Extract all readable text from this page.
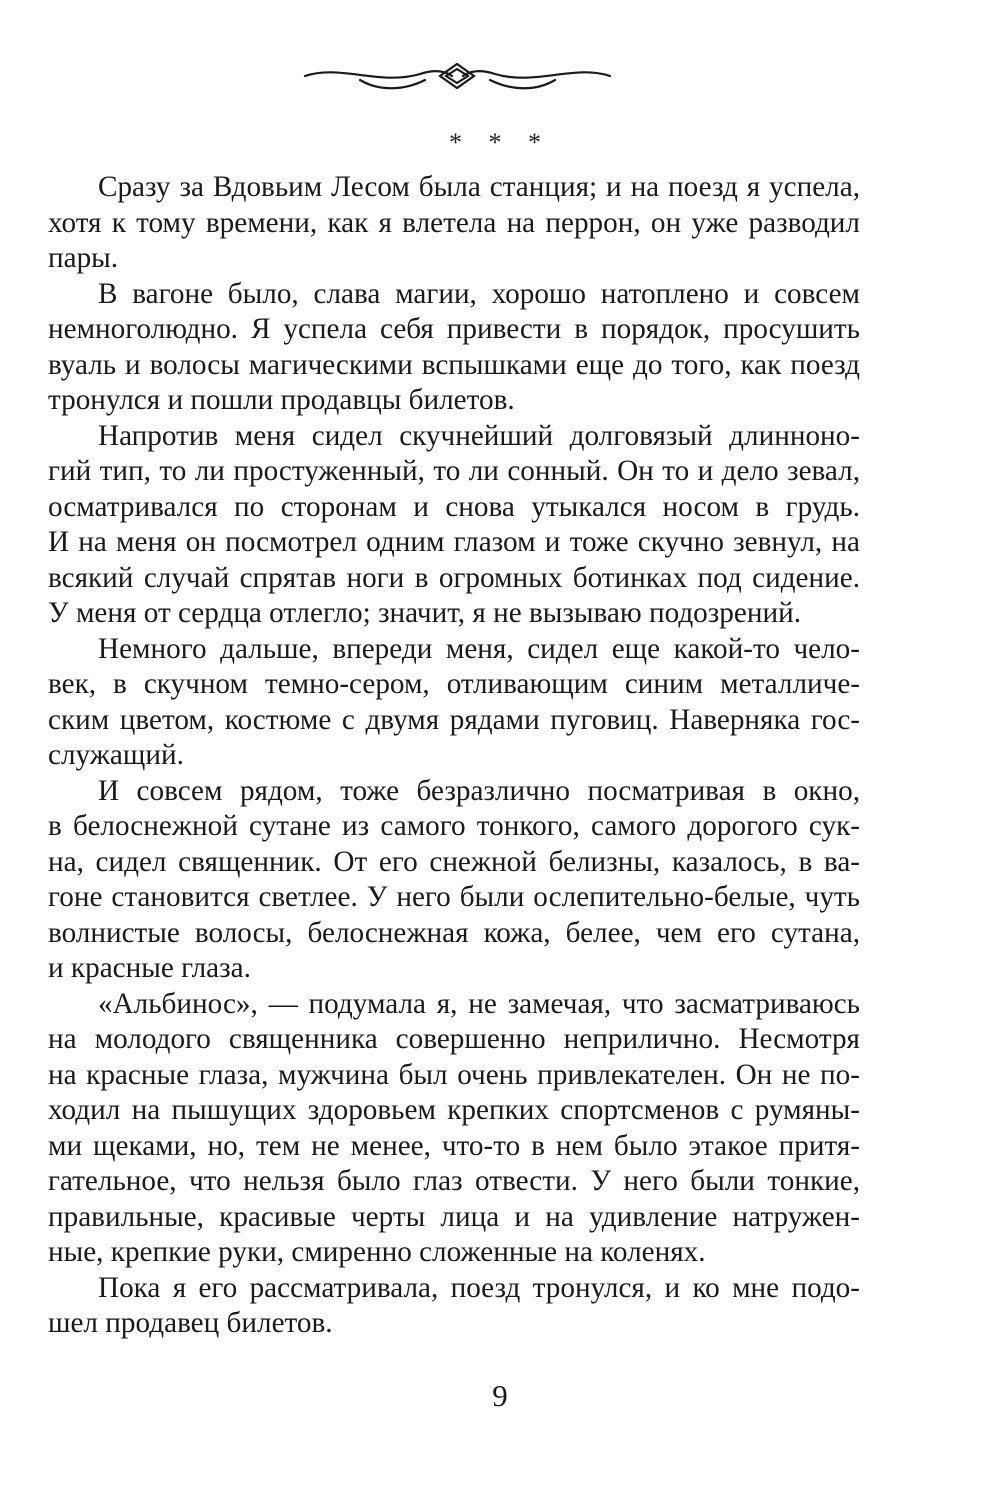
* * *
Сразу за Вдовьим Лесом была станция; и на поезд я успела,
хотя к тому времени, как я влетела на перрон, он уже разводил
пары.
В вагоне было, слава магии, хорошо натоплено и совсем
немноголюдно. Я успела себя привести в порядок, просушить
вуаль и волосы магическими вспышками еще до того, как поезд
тронулся и пошли продавцы билетов.
Напротив меня сидел скучнейший долговязый длинноно-
гий тип, то ли простуженный, то ли сонный. Он то и дело зевал,
осматривался по сторонам и снова утыкался носом в грудь.
И на меня он посмотрел одним глазом и тоже скучно зевнул, на
всякий случай спрятав ноги в огромных ботинках под сидение.
У меня от сердца отлегло; значит, я не вызываю подозрений.
Немного дальше, впереди меня, сидел еще какой-то чело-
век, в скучном темно-сером, отливающим синим металличе-
ским цветом, костюме с двумя рядами пуговиц. Наверняка гос-
служащий.
И совсем рядом, тоже безразлично посматривая в окно,
в белоснежной сутане из самого тонкого, самого дорогого сук-
на, сидел священник. От его снежной белизны, казалось, в ва-
гоне становится светлее. У него были ослепительно-белые, чуть
волнистые волосы, белоснежная кожа, белее, чем его сутана,
и красные глаза.
«Альбинос», — подумала я, не замечая, что засматриваюсь
на молодого священника совершенно неприлично. Несмотря
на красные глаза, мужчина был очень привлекателен. Он не по-
ходил на пышущих здоровьем крепких спортсменов с румяны-
ми щеками, но, тем не менее, что-то в нем было этакое притя-
гательное, что нельзя было глаз отвести. У него были тонкие,
правильные, красивые черты лица и на удивление натружен-
ные, крепкие руки, смиренно сложенные на коленях.
Пока я его рассматривала, поезд тронулся, и ко мне подо-
шел продавец билетов.
9
